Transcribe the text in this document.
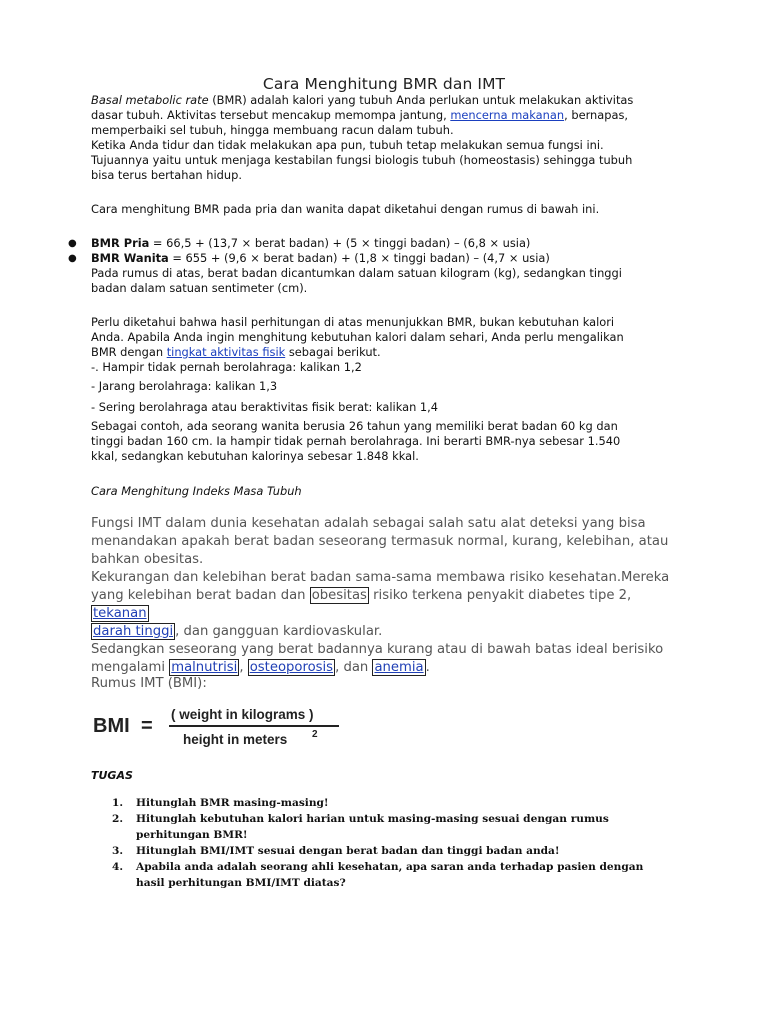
Cara Menghitung BMR dan IMT
Basal metabolic rate (BMR) adalah kalori yang tubuh Anda perlukan untuk melakukan aktivitas
dasar tubuh. Aktivitas tersebut mencakup memompa jantung, mencerna makanan, bernapas,
memperbaiki sel tubuh, hingga membuang racun dalam tubuh.
Ketika Anda tidur dan tidak melakukan apa pun, tubuh tetap melakukan semua fungsi ini.
Tujuannya yaitu untuk menjaga kestabilan fungsi biologis tubuh (homeostasis) sehingga tubuh
bisa terus bertahan hidup.
Cara menghitung BMR pada pria dan wanita dapat diketahui dengan rumus di bawah ini.
● BMR Pria = 66,5 + (13,7 × berat badan) + (5 × tinggi badan) – (6,8 × usia)
● BMR Wanita = 655 + (9,6 × berat badan) + (1,8 × tinggi badan) – (4,7 × usia)
Pada rumus di atas, berat badan dicantumkan dalam satuan kilogram (kg), sedangkan tinggi
badan dalam satuan sentimeter (cm).
Perlu diketahui bahwa hasil perhitungan di atas menunjukkan BMR, bukan kebutuhan kalori
Anda. Apabila Anda ingin menghitung kebutuhan kalori dalam sehari, Anda perlu mengalikan
BMR dengan tingkat aktivitas fisik sebagai berikut.
-. Hampir tidak pernah berolahraga: kalikan 1,2
- Jarang berolahraga: kalikan 1,3
- Sering berolahraga atau beraktivitas fisik berat: kalikan 1,4
Sebagai contoh, ada seorang wanita berusia 26 tahun yang memiliki berat badan 60 kg dan
tinggi badan 160 cm. Ia hampir tidak pernah berolahraga. Ini berarti BMR-nya sebesar 1.540
kkal, sedangkan kebutuhan kalorinya sebesar 1.848 kkal.
Cara Menghitung Indeks Masa Tubuh
Fungsi IMT dalam dunia kesehatan adalah sebagai salah satu alat deteksi yang bisa
menandakan apakah berat badan seseorang termasuk normal, kurang, kelebihan, atau
bahkan obesitas.
Kekurangan dan kelebihan berat badan sama-sama membawa risiko kesehatan.Mereka
yang kelebihan berat badan dan obesitas risiko terkena penyakit diabetes tipe 2, tekanan
darah tinggi , dan gangguan kardiovaskular.
Sedangkan seseorang yang berat badannya kurang atau di bawah batas ideal berisiko
mengalami malnutrisi , osteoporosis , dan anemia .
Rumus IMT (BMI):
BMI =
( weight in kilograms )
height in meters 2
TUGAS
1.	Hitunglah BMR masing-masing!
2.	Hitunglah kebutuhan kalori harian untuk masing-masing sesuai dengan rumus perhitungan BMR!
3.	Hitunglah BMI/IMT sesuai dengan berat badan dan tinggi badan anda!
4.	Apabila anda adalah seorang ahli kesehatan, apa saran anda terhadap pasien dengan hasil perhitungan BMI/IMT diatas?
